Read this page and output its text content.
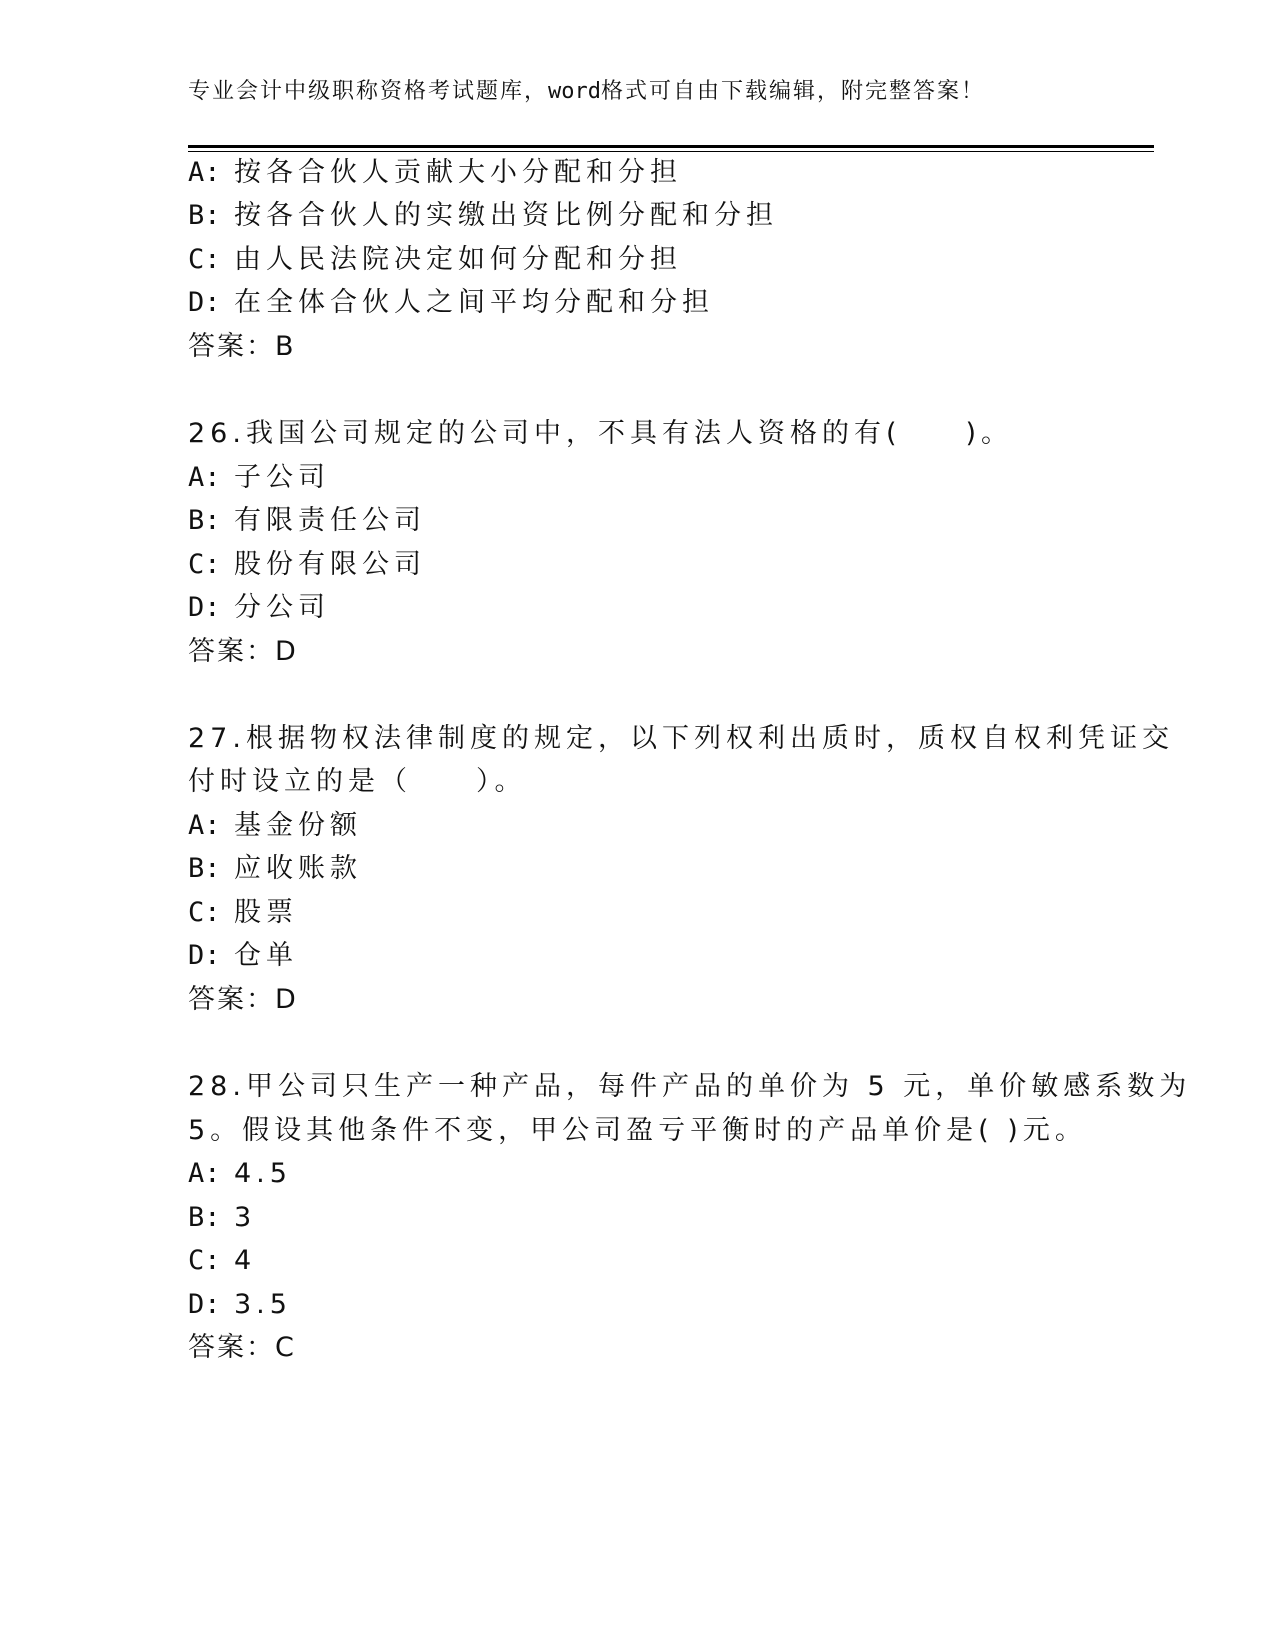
专业会计中级职称资格考试题库，word格式可自由下载编辑，附完整答案！
A: 按各合伙人贡献大小分配和分担
B: 按各合伙人的实缴出资比例分配和分担
C: 由人民法院决定如何分配和分担
D: 在全体合伙人之间平均分配和分担
答案：B
26.我国公司规定的公司中，不具有法人资格的有(　　)。
A: 子公司
B: 有限责任公司
C: 股份有限公司
D: 分公司
答案：D
27.根据物权法律制度的规定，以下列权利出质时，质权自权利凭证交
付时设立的是（　　）。
A: 基金份额
B: 应收账款
C: 股票
D: 仓单
答案：D
28.甲公司只生产一种产品，每件产品的单价为 5 元，单价敏感系数为
5。假设其他条件不变，甲公司盈亏平衡时的产品单价是( )元。
A: 4.5
B: 3
C: 4
D: 3.5
答案：C
